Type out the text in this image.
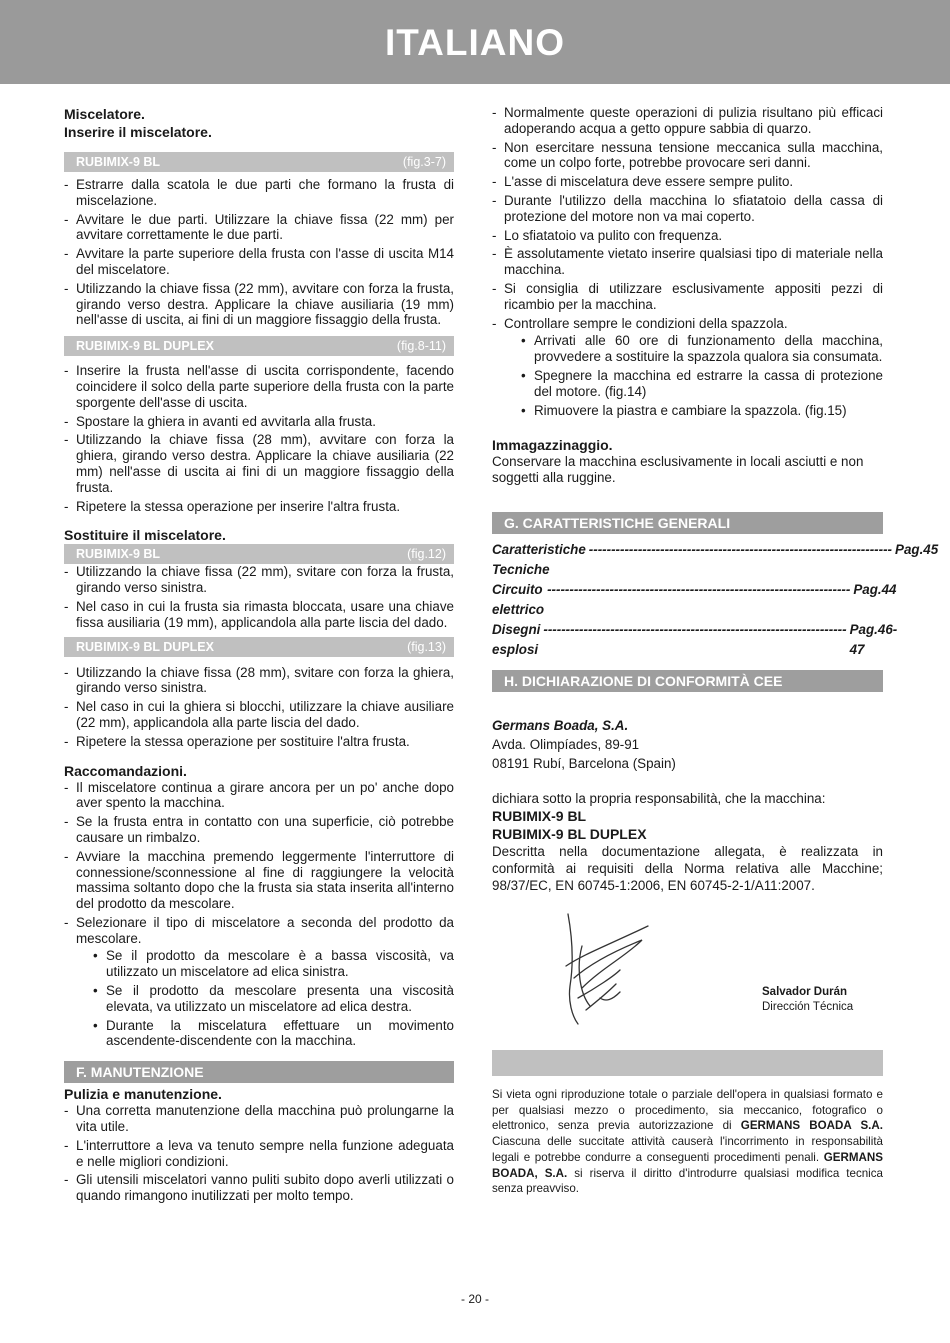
ITALIANO

Miscelatore.

Inserire il miscelatore.

RUBIMIX-9 BL	(fig.3-7)
- Estrarre dalla scatola le due parti che formano la frusta di miscelazione.
- Avvitare le due parti. Utilizzare la chiave fissa (22 mm) per avvitare correttamente le due parti.
- Avvitare la parte superiore della frusta con l'asse di uscita M14 del miscelatore.
- Utilizzando la chiave fissa (22 mm), avvitare con forza la frusta, girando verso destra. Applicare la chiave ausiliaria (19 mm) nell'asse di uscita, ai fini di un maggiore fissaggio della frusta.
RUBIMIX-9 BL DUPLEX	(fig.8-11)
- Inserire la frusta nell'asse di uscita corrispondente, facendo coincidere il solco della parte superiore della frusta con la parte sporgente dell'asse di uscita.
- Spostare la ghiera in avanti ed avvitarla alla frusta.
- Utilizzando la chiave fissa (28 mm), avvitare con forza la ghiera, girando verso destra. Applicare la chiave ausiliaria (22 mm) nell'asse di uscita ai fini di un maggiore fissaggio della frusta.
- Ripetere la stessa operazione per inserire l'altra frusta.

Sostituire il miscelatore.

RUBIMIX-9 BL	(fig.12)
- Utilizzando la chiave fissa (22 mm), svitare con forza la frusta, girando verso sinistra.
- Nel caso in cui la frusta sia rimasta bloccata, usare una chiave fissa ausiliaria (19 mm), applicandola alla parte liscia del dado.
RUBIMIX-9 BL DUPLEX	(fig.13)
- Utilizzando la chiave fissa (28 mm), svitare con forza la ghiera, girando verso sinistra.
- Nel caso in cui la ghiera si blocchi, utilizzare la chiave ausiliare (22 mm), applicandola alla parte liscia del dado.
- Ripetere la stessa operazione per sostituire l'altra frusta.

Raccomandazioni.

- Il miscelatore continua a girare ancora per un po' anche dopo aver spento la macchina.
- Se la frusta entra in contatto con una superficie, ciò potrebbe causare un rimbalzo.
- Avviare la macchina premendo leggermente l'interruttore di connessione/sconnessione al fine di raggiungere la velocità massima soltanto dopo che la frusta sia stata inserita all'interno del prodotto da mescolare.
- Selezionare il tipo di miscelatore a seconda del prodotto da mescolare.
• Se il prodotto da mescolare è a bassa viscosità, va utilizzato un miscelatore ad elica sinistra.
• Se il prodotto da mescolare presenta una viscosità elevata, va utilizzato un miscelatore ad elica destra.
• Durante la miscelatura effettuare un movimento ascendente-discendente con la macchina.
F. MANUTENZIONE

Pulizia e manutenzione.

- Una corretta manutenzione della macchina può prolungarne la vita utile.
- L'interruttore a leva va tenuto sempre nella funzione adeguata e nelle migliori condizioni.
- Gli utensili miscelatori vanno puliti subito dopo averli utilizzati o quando rimangono inutilizzati per molto tempo.
- Normalmente queste operazioni di pulizia risultano più efficaci adoperando acqua a getto oppure sabbia di quarzo.
- Non esercitare nessuna tensione meccanica sulla macchina, come un colpo forte, potrebbe provocare seri danni.
- L'asse di miscelatura deve essere sempre pulito.
- Durante l'utilizzo della macchina lo sfiatatoio della cassa di protezione del motore non va mai coperto.
- Lo sfiatatoio va pulito con frequenza.
- È assolutamente vietato inserire qualsiasi tipo di materiale nella macchina.
- Si consiglia di utilizzare esclusivamente appositi pezzi di ricambio per la macchina.
- Controllare sempre le condizioni della spazzola.
• Arrivati alle 60 ore di funzionamento della macchina, provvedere a sostituire la spazzola qualora sia consumata.
• Spegnere la macchina ed estrarre la cassa di protezione del motore. (fig.14)
• Rimuovere la piastra e cambiare la spazzola. (fig.15)

Immagazzinaggio.

Conservare la macchina esclusivamente in locali asciutti e non soggetti alla ruggine.

G. CARATTERISTICHE GENERALI
Caratteristiche Tecniche
-------------------------------------------------------------------- Pag.45
Circuito elettrico
-------------------------------------------------------------------- Pag.44
Disegni esplosi
-------------------------------------------------------------------- Pag.46-47
H. DICHIARAZIONE DI CONFORMITÀ CEE

Germans Boada, S.A.

Avda. Olimpíades, 89-91

08191 Rubí, Barcelona (Spain)

dichiara sotto la propria responsabilità, che la macchina:

RUBIMIX-9 BL

RUBIMIX-9 BL DUPLEX

Descritta nella documentazione allegata, è realizzata in conformità ai requisiti della Norma relativa alle Macchine; 98/37/EC, EN 60745-1:2006, EN 60745-2-1/A11:2007.

Salvador Durán
Dirección Técnica
Si vieta ogni riproduzione totale o parziale dell'opera in qualsiasi formato e per qualsiasi mezzo o procedimento, sia meccanico, fotografico o elettronico, senza previa autorizzazione di GERMANS BOADA S.A. Ciascuna delle succitate attività causerà l'incorrimento in responsabilità legali e potrebbe condurre a conseguenti procedimenti penali. GERMANS BOADA, S.A. si riserva il diritto d'introdurre qualsiasi modifica tecnica senza preavviso.
- 20 -
